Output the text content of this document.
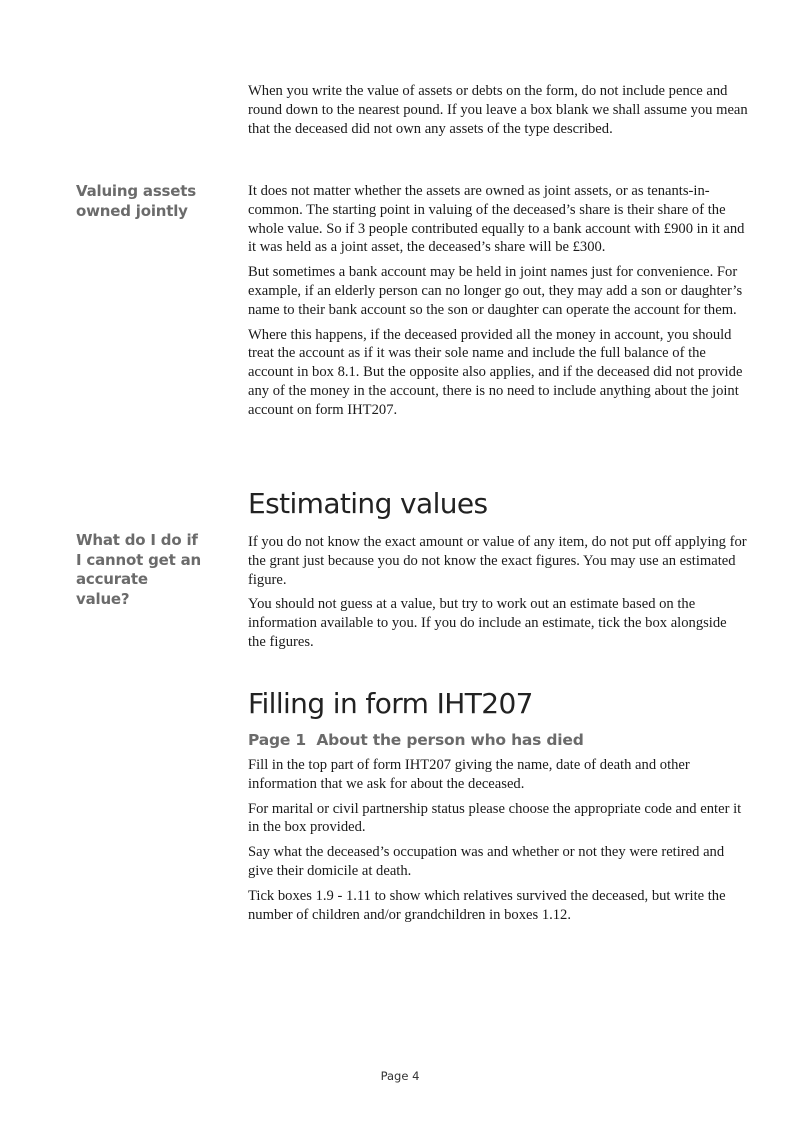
When you write the value of assets or debts on the form, do not include pence and round down to the nearest pound. If you leave a box blank we shall assume you mean that the deceased did not own any assets of the type described.

Valuing assets owned jointly

It does not matter whether the assets are owned as joint assets, or as tenants-in-common. The starting point in valuing of the deceased’s share is their share of the whole value. So if 3 people contributed equally to a bank account with £900 in it and it was held as a joint asset, the deceased’s share will be £300.

But sometimes a bank account may be held in joint names just for convenience. For example, if an elderly person can no longer go out, they may add a son or daughter’s name to their bank account so the son or daughter can operate the account for them.

Where this happens, if the deceased provided all the money in account, you should treat the account as if it was their sole name and include the full balance of the account in box 8.1. But the opposite also applies, and if the deceased did not provide any of the money in the account, there is no need to include anything about the joint account on form IHT207.

Estimating values
What do I do if I cannot get an accurate value?

If you do not know the exact amount or value of any item, do not put off applying for the grant just because you do not know the exact figures. You may use an estimated figure.

You should not guess at a value, but try to work out an estimate based on the information available to you. If you do include an estimate, tick the box alongside the figures.

Filling in form IHT207
Page 1  About the person who has died

Fill in the top part of form IHT207 giving the name, date of death and other information that we ask for about the deceased.

For marital or civil partnership status please choose the appropriate code and enter it in the box provided.

Say what the deceased’s occupation was and whether or not they were retired and give their domicile at death.

Tick boxes 1.9 - 1.11 to show which relatives survived the deceased, but write the number of children and/or grandchildren in boxes 1.12.

Page 4
